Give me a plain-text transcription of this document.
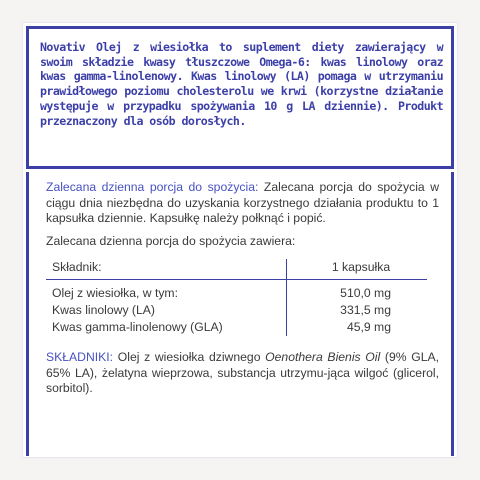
Novativ Olej z wiesiołka to suplement diety zawierający w swoim składzie kwasy tłuszczowe Omega-6: kwas linolowy oraz kwas gamma-linolenowy. Kwas linolowy (LA) pomaga w utrzymaniu prawidłowego poziomu cholesterolu we krwi (korzystne działanie występuje w przypadku spożywania 10 g LA dziennie). Produkt przeznaczony dla osób dorosłych.

Zalecana dzienna porcja do spożycia: Zalecana porcja do spożycia w ciągu dnia niezbędna do uzyskania korzystnego działania produktu to 1 kapsułka dziennie. Kapsułkę należy połknąć i popić.

Zalecana dzienna porcja do spożycia zawiera:

Składnik:	1 kapsułka
Olej z wiesiołka, w tym:	510,0 mg
Kwas linolowy (LA)	331,5 mg
Kwas gamma-linolenowy (GLA)	45,9 mg

SKŁADNIKI: Olej z wiesiołka dziwnego Oenothera Bienis Oil (9% GLA, 65% LA), żelatyna wieprzowa, substancja utrzymu-jąca wilgoć (glicerol, sorbitol).
